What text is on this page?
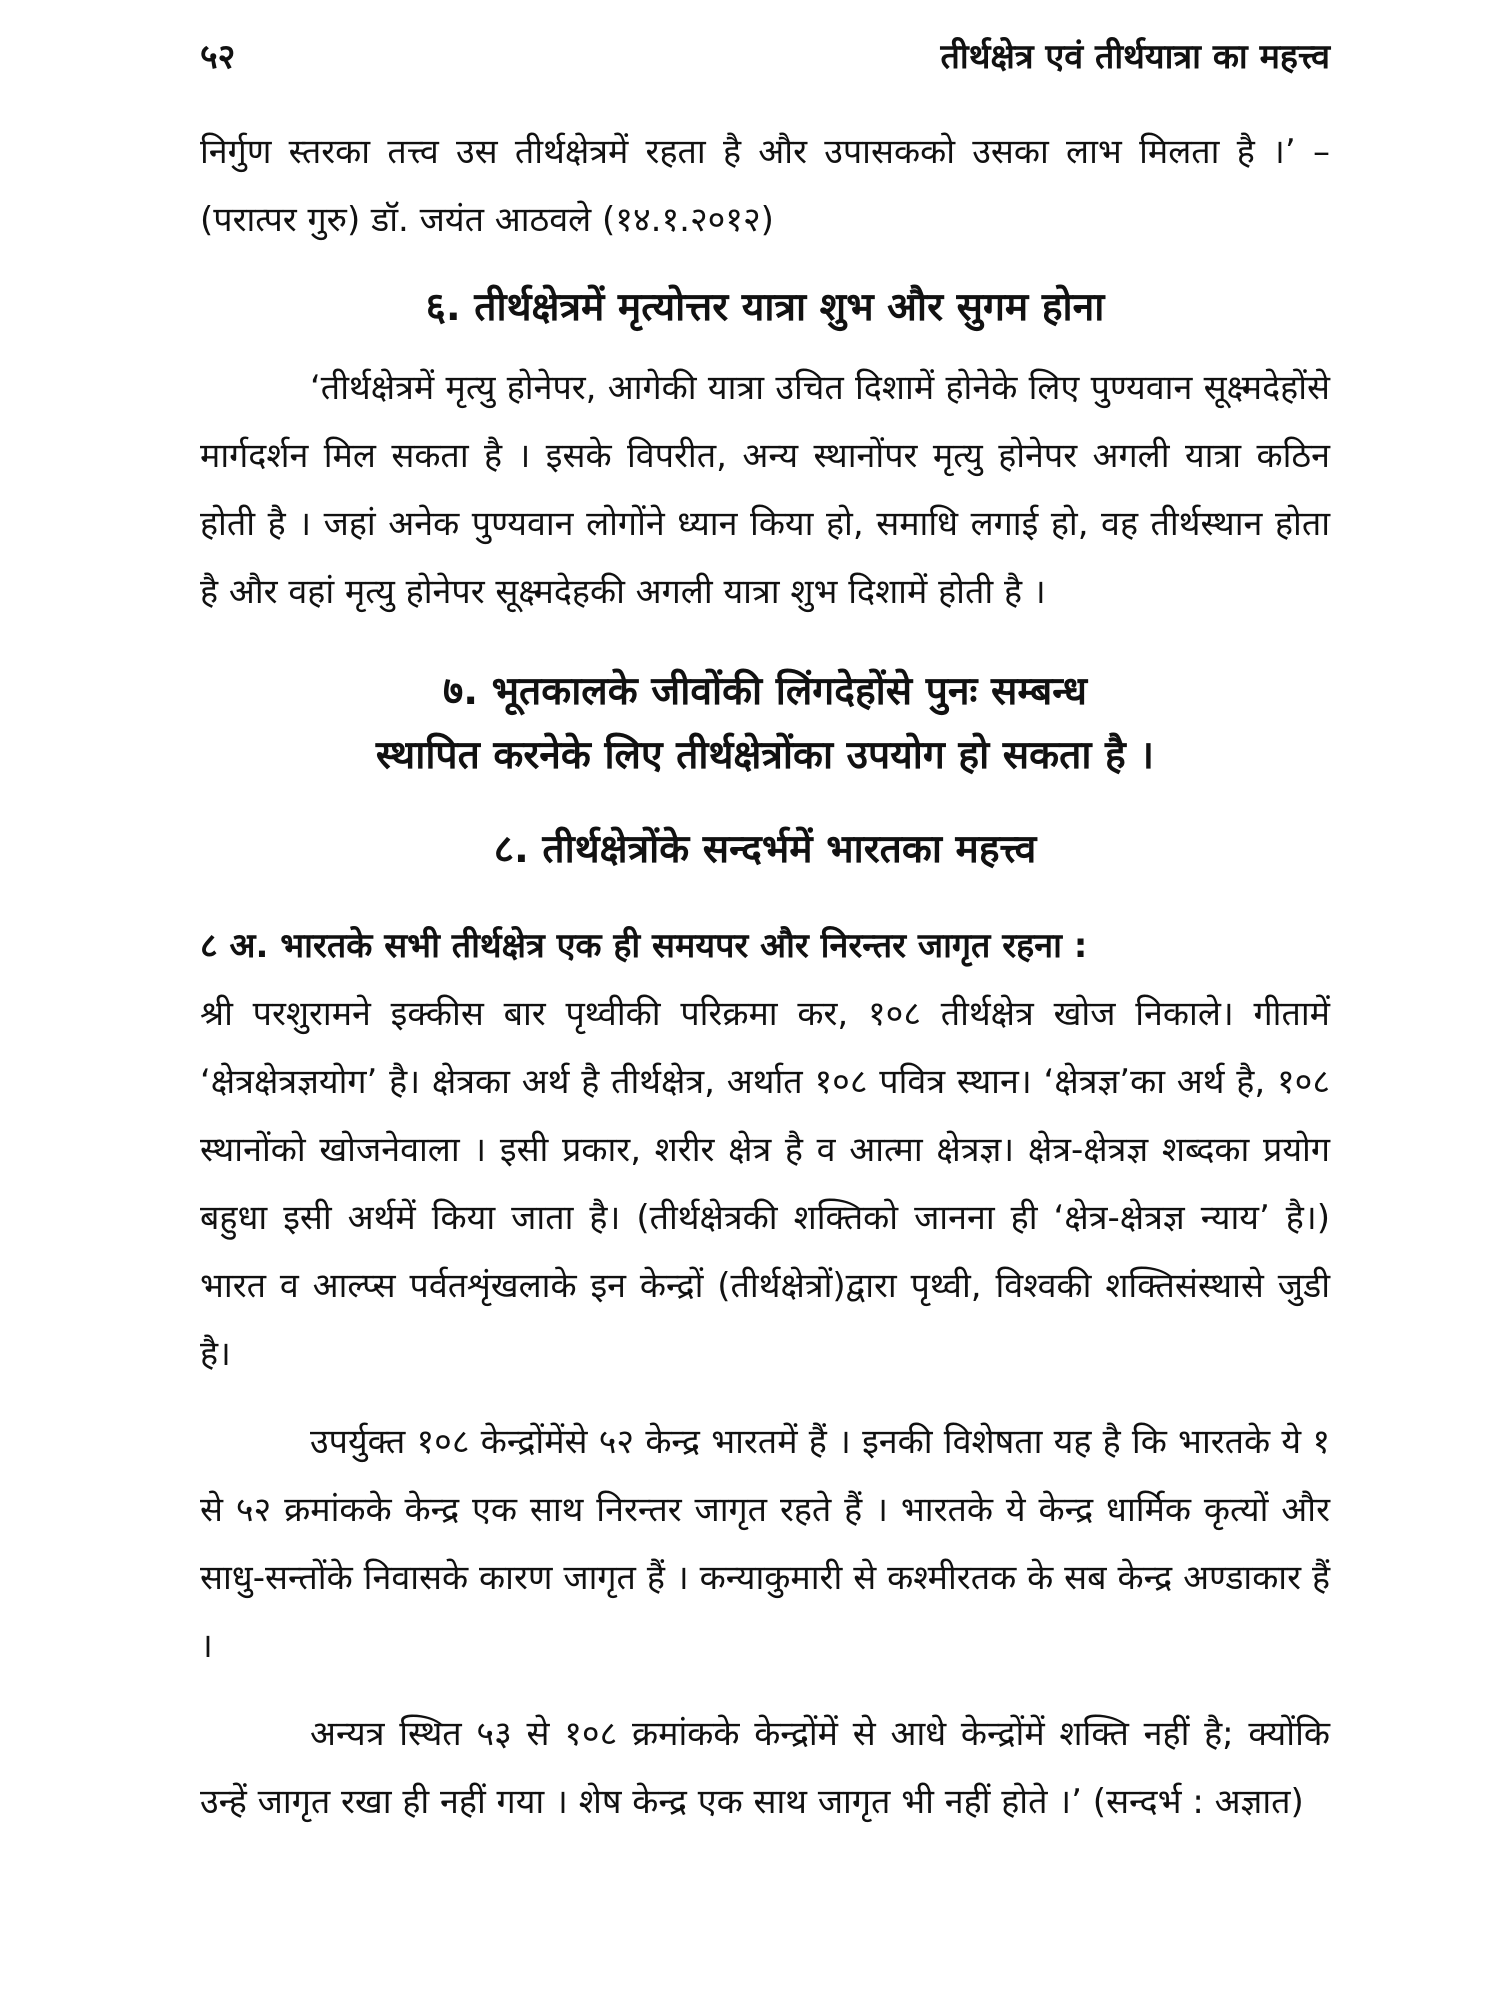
५२	तीर्थक्षेत्र एवं तीर्थयात्रा का महत्त्व

निर्गुण स्तरका तत्त्व उस तीर्थक्षेत्रमें रहता है और उपासकको उसका लाभ मिलता है ।’ – (परात्पर गुरु) डॉ. जयंत आठवले (१४.१.२०१२)

६. तीर्थक्षेत्रमें मृत्योत्तर यात्रा शुभ और सुगम होना

‘तीर्थक्षेत्रमें मृत्यु होनेपर, आगेकी यात्रा उचित दिशामें होनेके लिए पुण्यवान सूक्ष्मदेहोंसे मार्गदर्शन मिल सकता है । इसके विपरीत, अन्य स्थानोंपर मृत्यु होनेपर अगली यात्रा कठिन होती है । जहां अनेक पुण्यवान लोगोंने ध्यान किया हो, समाधि लगाई हो, वह तीर्थस्थान होता है और वहां मृत्यु होनेपर सूक्ष्मदेहकी अगली यात्रा शुभ दिशामें होती है ।

७. भूतकालके जीवोंकी लिंगदेहोंसे पुनः सम्बन्ध
स्थापित करनेके लिए तीर्थक्षेत्रोंका उपयोग हो सकता है ।
८. तीर्थक्षेत्रोंके सन्दर्भमें भारतका महत्त्व

८ अ. भारतके सभी तीर्थक्षेत्र एक ही समयपर और निरन्तर जागृत रहना :

श्री परशुरामने इक्कीस बार पृथ्वीकी परिक्रमा कर, १०८ तीर्थक्षेत्र खोज निकाले। गीतामें ‘क्षेत्रक्षेत्रज्ञयोग’ है। क्षेत्रका अर्थ है तीर्थक्षेत्र, अर्थात १०८ पवित्र स्थान। ‘क्षेत्रज्ञ’का अर्थ है, १०८ स्थानोंको खोजनेवाला । इसी प्रकार, शरीर क्षेत्र है व आत्मा क्षेत्रज्ञ। क्षेत्र-क्षेत्रज्ञ शब्दका प्रयोग बहुधा इसी अर्थमें किया जाता है। (तीर्थक्षेत्रकी शक्तिको जानना ही ‘क्षेत्र-क्षेत्रज्ञ न्याय’ है।) भारत व आल्प्स पर्वतशृंखलाके इन केन्द्रों (तीर्थक्षेत्रों)द्वारा पृथ्वी, विश्वकी शक्तिसंस्थासे जुडी है।

उपर्युक्त १०८ केन्द्रोंमेंसे ५२ केन्द्र भारतमें हैं । इनकी विशेषता यह है कि भारतके ये १ से ५२ क्रमांकके केन्द्र एक साथ निरन्तर जागृत रहते हैं । भारतके ये केन्द्र धार्मिक कृत्यों और साधु-सन्तोंके निवासके कारण जागृत हैं । कन्याकुमारी से कश्मीरतक के सब केन्द्र अण्डाकार हैं ।

अन्यत्र स्थित ५३ से १०८ क्रमांकके केन्द्रोंमें से आधे केन्द्रोंमें शक्ति नहीं है; क्योंकि उन्हें जागृत रखा ही नहीं गया । शेष केन्द्र एक साथ जागृत भी नहीं होते ।’ (सन्दर्भ : अज्ञात)
